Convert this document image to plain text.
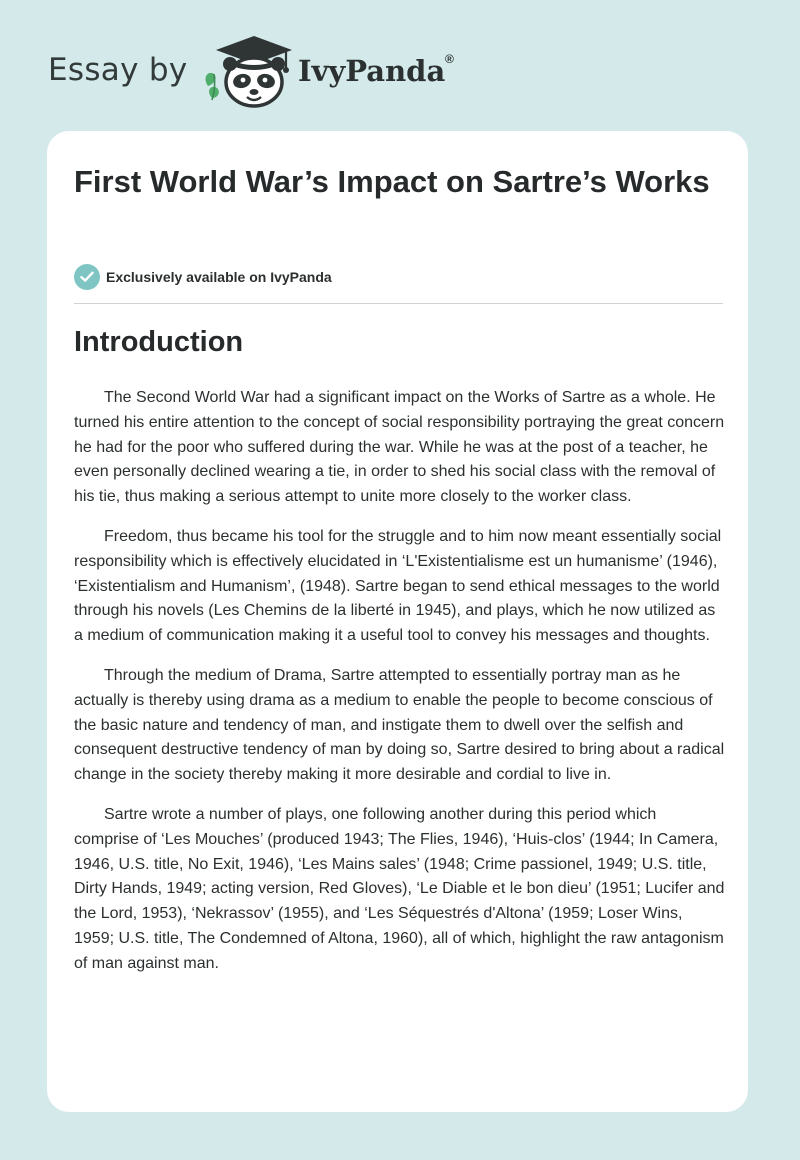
Essay by	IvyPanda ®
First World War’s Impact on Sartre’s Works
Exclusively available on IvyPanda
Introduction

The Second World War had a significant impact on the Works of Sartre as a whole. He turned his entire attention to the concept of social responsibility portraying the great concern he had for the poor who suffered during the war. While he was at the post of a teacher, he even personally declined wearing a tie, in order to shed his social class with the removal of his tie, thus making a serious attempt to unite more closely to the worker class.

Freedom, thus became his tool for the struggle and to him now meant essentially social responsibility which is effectively elucidated in ‘L'Existentialisme est un humanisme’ (1946), ‘Existentialism and Humanism’, (1948). Sartre began to send ethical messages to the world through his novels (Les Chemins de la liberté in 1945), and plays, which he now utilized as a medium of communication making it a useful tool to convey his messages and thoughts.

Through the medium of Drama, Sartre attempted to essentially portray man as he actually is thereby using drama as a medium to enable the people to become conscious of the basic nature and tendency of man, and instigate them to dwell over the selfish and consequent destructive tendency of man by doing so, Sartre desired to bring about a radical change in the society thereby making it more desirable and cordial to live in.

Sartre wrote a number of plays, one following another during this period which comprise of ‘Les Mouches’ (produced 1943; The Flies, 1946), ‘Huis-clos’ (1944; In Camera, 1946, U.S. title, No Exit, 1946), ‘Les Mains sales’ (1948; Crime passionel, 1949; U.S. title, Dirty Hands, 1949; acting version, Red Gloves), ‘Le Diable et le bon dieu’ (1951; Lucifer and the Lord, 1953), ‘Nekrassov’ (1955), and ‘Les Séquestrés d'Altona’ (1959; Loser Wins, 1959; U.S. title, The Condemned of Altona, 1960), all of which, highlight the raw antagonism of man against man.
